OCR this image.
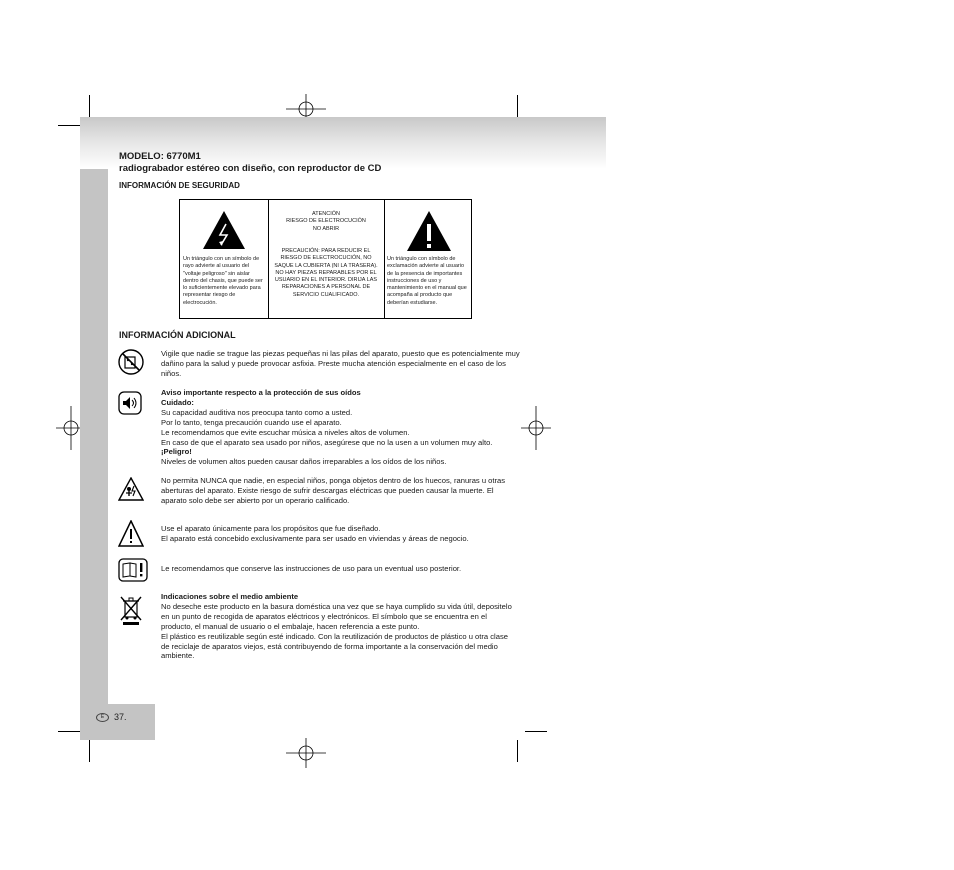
MODELO: 6770M1
radiograbador estéreo con diseño, con reproductor de CD
INFORMACIÓN DE SEGURIDAD
Un triángulo con un símbolo de rayo advierte al usuario del "voltaje peligroso" sin aislar dentro del chasis, que puede ser lo suficientemente elevado para representar riesgo de electrocución.
ATENCIÓN
RIESGO DE ELECTROCUCIÓN
NO ABRIR
PRECAUCIÓN: PARA REDUCIR EL RIESGO DE ELECTROCUCIÓN, NO SAQUE LA CUBIERTA (NI LA TRASERA). NO HAY PIEZAS REPARABLES POR EL USUARIO EN EL INTERIOR. DIRIJA LAS REPARACIONES A PERSONAL DE SERVICIO CUALIFICADO.
Un triángulo con símbolo de exclamación advierte al usuario de la presencia de importantes instrucciones de uso y mantenimiento en el manual que acompaña al producto que deberían estudiarse.
INFORMACIÓN ADICIONAL
Vigile que nadie se trague las piezas pequeñas ni las pilas del aparato, puesto que es potencialmente muy dañino para la salud y puede provocar asfixia. Preste mucha atención especialmente en el caso de los niños.
Aviso importante respecto a la protección de sus oídos
Cuidado:
Su capacidad auditiva nos preocupa tanto como a usted.
Por lo tanto, tenga precaución cuando use el aparato.
Le recomendamos que evite escuchar música a niveles altos de volumen.
En caso de que el aparato sea usado por niños, asegúrese que no la usen a un volumen muy alto.
¡Peligro!
Niveles de volumen altos pueden causar daños irreparables a los oídos de los niños.
No permita NUNCA que nadie, en especial niños, ponga objetos dentro de los huecos, ranuras u otras aberturas del aparato. Existe riesgo de sufrir descargas eléctricas que pueden causar la muerte. El aparato solo debe ser abierto por un operario calificado.
Use el aparato únicamente para los propósitos que fue diseñado.
El aparato está concebido exclusivamente para ser usado en viviendas y áreas de negocio.
Le recomendamos que conserve las instrucciones de uso para un eventual uso posterior.
Indicaciones sobre el medio ambiente
No deseche este producto en la basura doméstica una vez que se haya cumplido su vida útil, depositelo en un punto de recogida de aparatos eléctricos y electrónicos. El símbolo que se encuentra en el producto, el manual de usuario o el embalaje, hacen referencia a este punto.
El plástico es reutilizable según esté indicado. Con la reutilización de productos de plástico u otra clase de reciclaje de aparatos viejos, está contribuyendo de forma importante a la conservación del medio ambiente.
E	37.
